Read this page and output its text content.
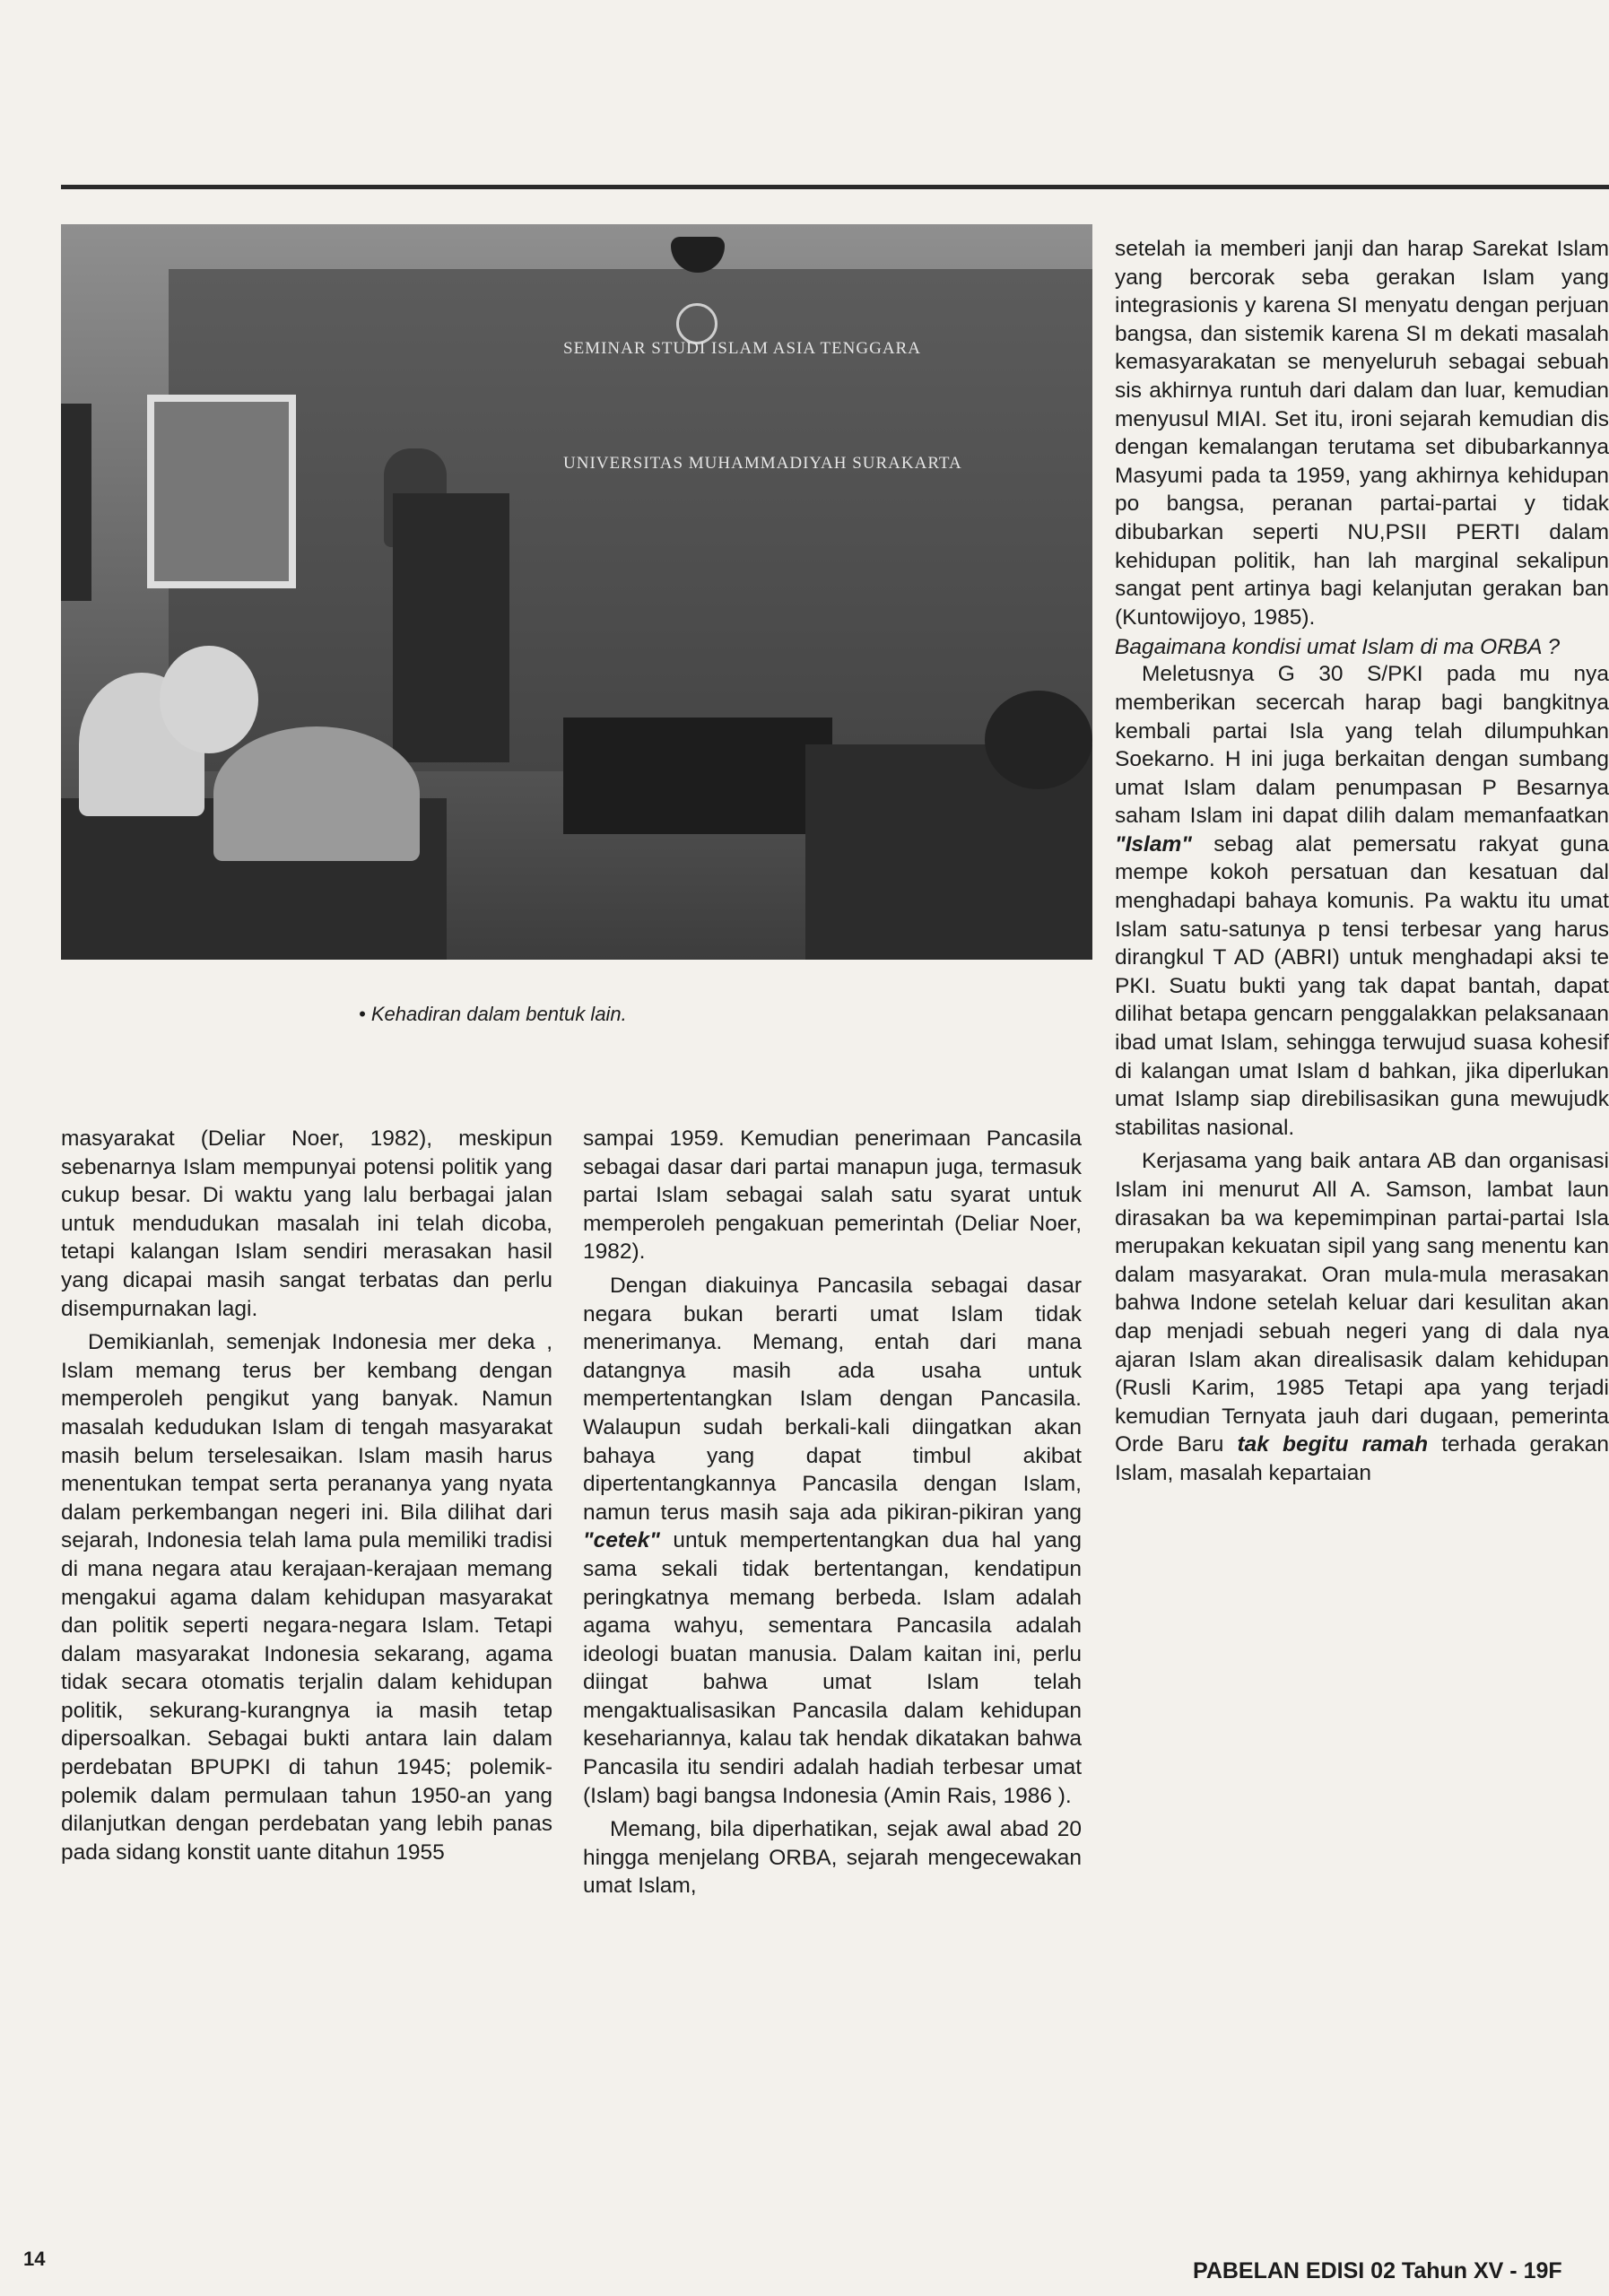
SEMINAR STUDI ISLAM ASIA TENGGARA
UNIVERSITAS MUHAMMADIYAH SURAKARTA
• Kehadiran dalam bentuk lain.

masyarakat (Deliar Noer, 1982), meskipun sebenarnya Islam mempunyai potensi politik yang cukup besar. Di waktu yang lalu berbagai jalan untuk mendudukan masalah ini telah dicoba, tetapi kalangan Islam sendiri merasakan hasil yang dicapai masih sangat terbatas dan perlu disempurnakan lagi.

Demikianlah, semenjak Indonesia mer deka , Islam memang terus ber kembang dengan memperoleh pengikut yang banyak. Namun masalah kedudukan Islam di tengah masyarakat masih belum terselesaikan. Islam masih harus menentukan tempat serta perananya yang nyata dalam perkembangan negeri ini. Bila dilihat dari sejarah, Indonesia telah lama pula memiliki tradisi di mana negara atau kerajaan-kerajaan memang mengakui agama dalam kehidupan masyarakat dan politik seperti negara-negara Islam. Tetapi dalam masyarakat Indonesia sekarang, agama tidak secara otomatis terjalin dalam kehidupan politik, sekurang-kurangnya ia masih tetap dipersoalkan. Sebagai bukti antara lain dalam perdebatan BPUPKI di tahun 1945; polemik-polemik dalam permulaan tahun 1950-an yang dilanjutkan dengan perdebatan yang lebih panas pada sidang konstit uante ditahun 1955

sampai 1959. Kemudian penerimaan Pancasila sebagai dasar dari partai manapun juga, termasuk partai Islam sebagai salah satu syarat untuk memperoleh pengakuan pemerintah (Deliar Noer, 1982).

Dengan diakuinya Pancasila sebagai dasar negara bukan berarti umat Islam tidak menerimanya. Memang, entah dari mana datangnya masih ada usaha untuk mempertentangkan Islam dengan Pancasila. Walaupun sudah berkali-kali diingatkan akan bahaya yang dapat timbul akibat dipertentangkannya Pancasila dengan Islam, namun terus masih saja ada pikiran-pikiran yang "cetek" untuk mempertentangkan dua hal yang sama sekali tidak bertentangan, kendatipun peringkatnya memang berbeda. Islam adalah agama wahyu, sementara Pancasila adalah ideologi buatan manusia. Dalam kaitan ini, perlu diingat bahwa umat Islam telah mengaktualisasikan Pancasila dalam kehidupan kesehariannya, kalau tak hendak dikatakan bahwa Pancasila itu sendiri adalah hadiah terbesar umat (Islam) bagi bangsa Indonesia (Amin Rais, 1986 ).

Memang, bila diperhatikan, sejak awal abad 20 hingga menjelang ORBA, sejarah mengecewakan umat Islam,

setelah ia memberi janji dan harap Sarekat Islam yang bercorak seba gerakan Islam yang integrasionis y karena SI menyatu dengan perjuan bangsa, dan sistemik karena SI m dekati masalah kemasyarakatan se menyeluruh sebagai sebuah sis akhirnya runtuh dari dalam dan luar, kemudian menyusul MIAI. Set itu, ironi sejarah kemudian dis dengan kemalangan terutama set dibubarkannya Masyumi pada ta 1959, yang akhirnya kehidupan po bangsa, peranan partai-partai y tidak dibubarkan seperti NU,PSII PERTI dalam kehidupan politik, han lah marginal sekalipun sangat pent artinya bagi kelanjutan gerakan ban (Kuntowijoyo, 1985).

Bagaimana kondisi umat Islam di ma ORBA ?

Meletusnya G 30 S/PKI pada mu nya memberikan secercah harap bagi bangkitnya kembali partai Isla yang telah dilumpuhkan Soekarno. H ini juga berkaitan dengan sumbang umat Islam dalam penumpasan P Besarnya saham Islam ini dapat dilih dalam memanfaatkan "Islam" sebag alat pemersatu rakyat guna mempe kokoh persatuan dan kesatuan dal menghadapi bahaya komunis. Pa waktu itu umat Islam satu-satunya p tensi terbesar yang harus dirangkul T AD (ABRI) untuk menghadapi aksi te PKI. Suatu bukti yang tak dapat bantah, dapat dilihat betapa gencarn penggalakkan pelaksanaan ibad umat Islam, sehingga terwujud suasa kohesif di kalangan umat Islam d bahkan, jika diperlukan umat Islamp siap direbilisasikan guna mewujudk stabilitas nasional.

Kerjasama yang baik antara AB dan organisasi Islam ini menurut All A. Samson, lambat laun dirasakan ba wa kepemimpinan partai-partai Isla merupakan kekuatan sipil yang sang menentu kan dalam masyarakat. Oran mula-mula merasakan bahwa Indone setelah keluar dari kesulitan akan dap menjadi sebuah negeri yang di dala nya ajaran Islam akan direalisasik dalam kehidupan (Rusli Karim, 1985 Tetapi apa yang terjadi kemudian Ternyata jauh dari dugaan, pemerinta Orde Baru tak begitu ramah terhada gerakan Islam, masalah kepartaian

14	PABELAN EDISI 02 Tahun XV - 19F
